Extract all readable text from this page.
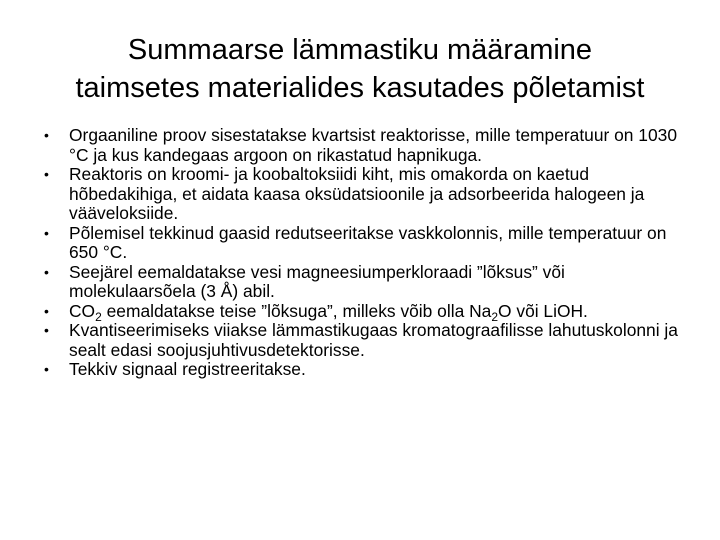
Summaarse lämmastiku määramine
taimsetes materialides kasutades põletamist
•	Orgaaniline proov sisestatakse kvartsist reaktorisse, mille temperatuur on 1030 °C ja kus kandegaas argoon on rikastatud hapnikuga.
•	Reaktoris on kroomi- ja koobaltoksiidi kiht, mis omakorda on kaetud hõbedakihiga, et aidata kaasa oksüdatsioonile ja adsorbeerida halogeen ja vääveloksiide.
•	Põlemisel tekkinud gaasid redutseeritakse vaskkolonnis, mille temperatuur on 650 °C.
•	Seejärel eemaldatakse vesi magneesiumperkloraadi ”lõksus” või molekulaarsõela (3 Å) abil.
•	$CO_2$ eemaldatakse teise ”lõksuga”, milleks võib olla $Na_2O$ või LiOH.
•	Kvantiseerimiseks viiakse lämmastikugaas kromatograafilisse lahutuskolonni ja sealt edasi soojusjuhtivusdetektorisse.
•	Tekkiv signaal registreeritakse.
